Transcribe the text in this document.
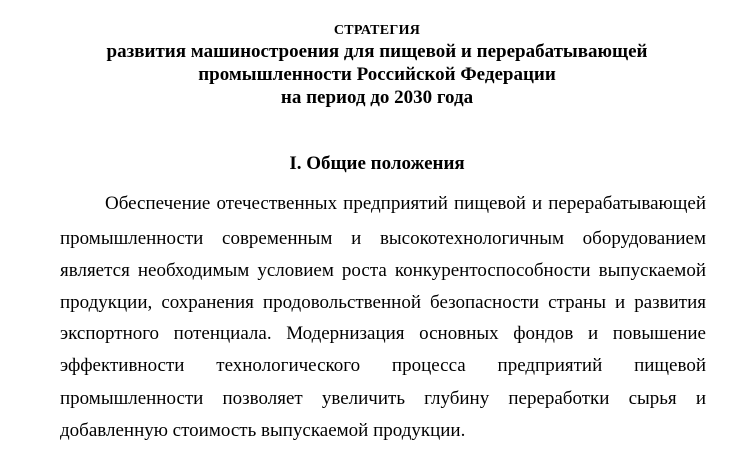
СТРАТЕГИЯ
развития машиностроения для пищевой и перерабатывающей
промышленности Российской Федерации
на период до 2030 года
I. Общие положения
Обеспечение отечественных предприятий пищевой и перерабатывающей
промышленности современным и высокотехнологичным оборудованием
является необходимым условием роста конкурентоспособности выпускаемой
продукции, сохранения продовольственной безопасности страны и развития
экспортного потенциала. Модернизация основных фондов и повышение
эффективности технологического процесса предприятий пищевой
промышленности позволяет увеличить глубину переработки сырья и
добавленную стоимость выпускаемой продукции.
